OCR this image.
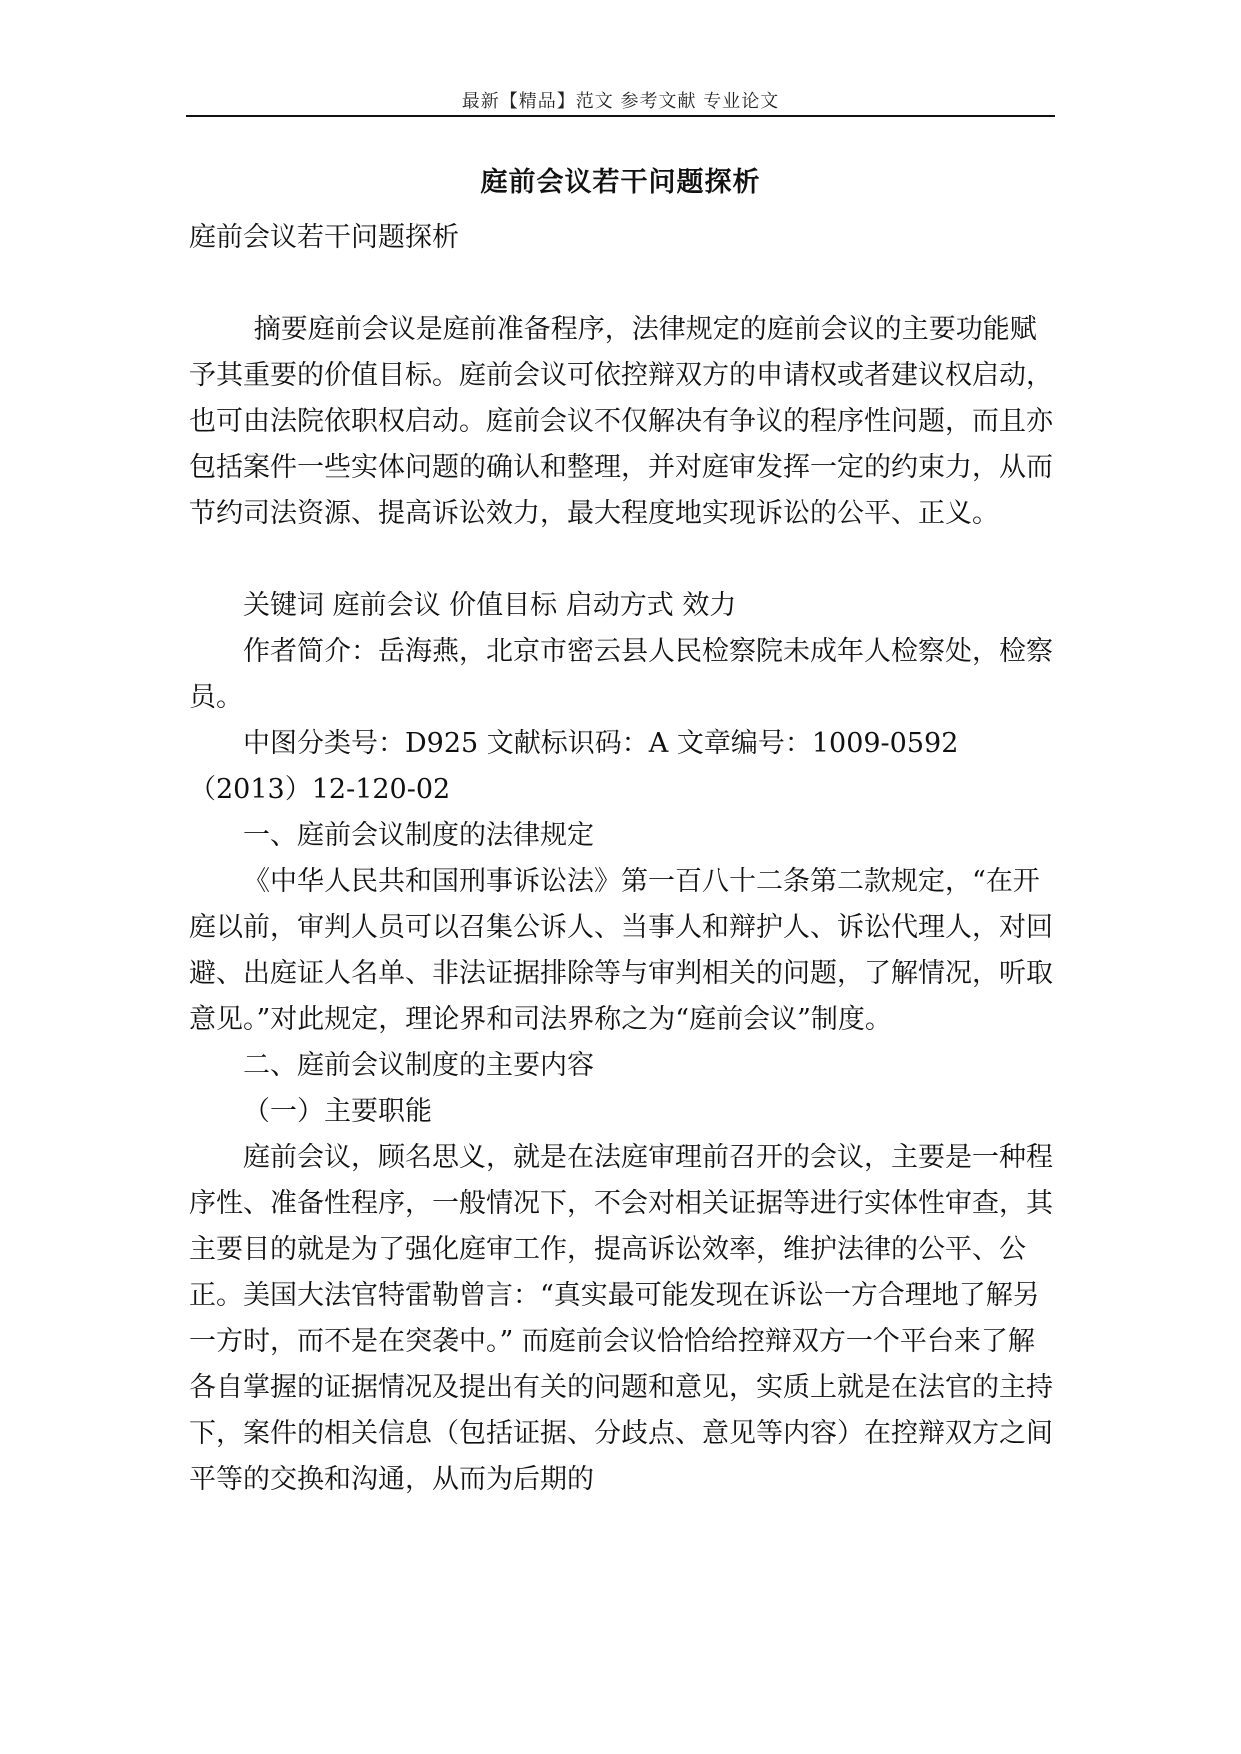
最新【精品】范文 参考文献 专业论文
庭前会议若干问题探析

庭前会议若干问题探析

摘要庭前会议是庭前准备程序，法律规定的庭前会议的主要功能赋予其重要的价值目标。庭前会议可依控辩双方的申请权或者建议权启动，也可由法院依职权启动。庭前会议不仅解决有争议的程序性问题，而且亦包括案件一些实体问题的确认和整理，并对庭审发挥一定的约束力，从而节约司法资源、提高诉讼效力，最大程度地实现诉讼的公平、正义。

关键词 庭前会议 价值目标 启动方式 效力

作者简介：岳海燕，北京市密云县人民检察院未成年人检察处，检察员。

中图分类号：D925 文献标识码：A 文章编号：1009-0592（2013）12-120-02

一、庭前会议制度的法律规定

《中华人民共和国刑事诉讼法》第一百八十二条第二款规定，“在开庭以前，审判人员可以召集公诉人、当事人和辩护人、诉讼代理人，对回避、出庭证人名单、非法证据排除等与审判相关的问题，了解情况，听取意见。”对此规定，理论界和司法界称之为“庭前会议”制度。

二、庭前会议制度的主要内容

（一）主要职能

庭前会议，顾名思义，就是在法庭审理前召开的会议，主要是一种程序性、准备性程序，一般情况下，不会对相关证据等进行实体性审查，其主要目的就是为了强化庭审工作，提高诉讼效率，维护法律的公平、公正。美国大法官特雷勒曾言：“真实最可能发现在诉讼一方合理地了解另一方时，而不是在突袭中。” 而庭前会议恰恰给控辩双方一个平台来了解各自掌握的证据情况及提出有关的问题和意见，实质上就是在法官的主持下，案件的相关信息（包括证据、分歧点、意见等内容）在控辩双方之间平等的交换和沟通，从而为后期的
